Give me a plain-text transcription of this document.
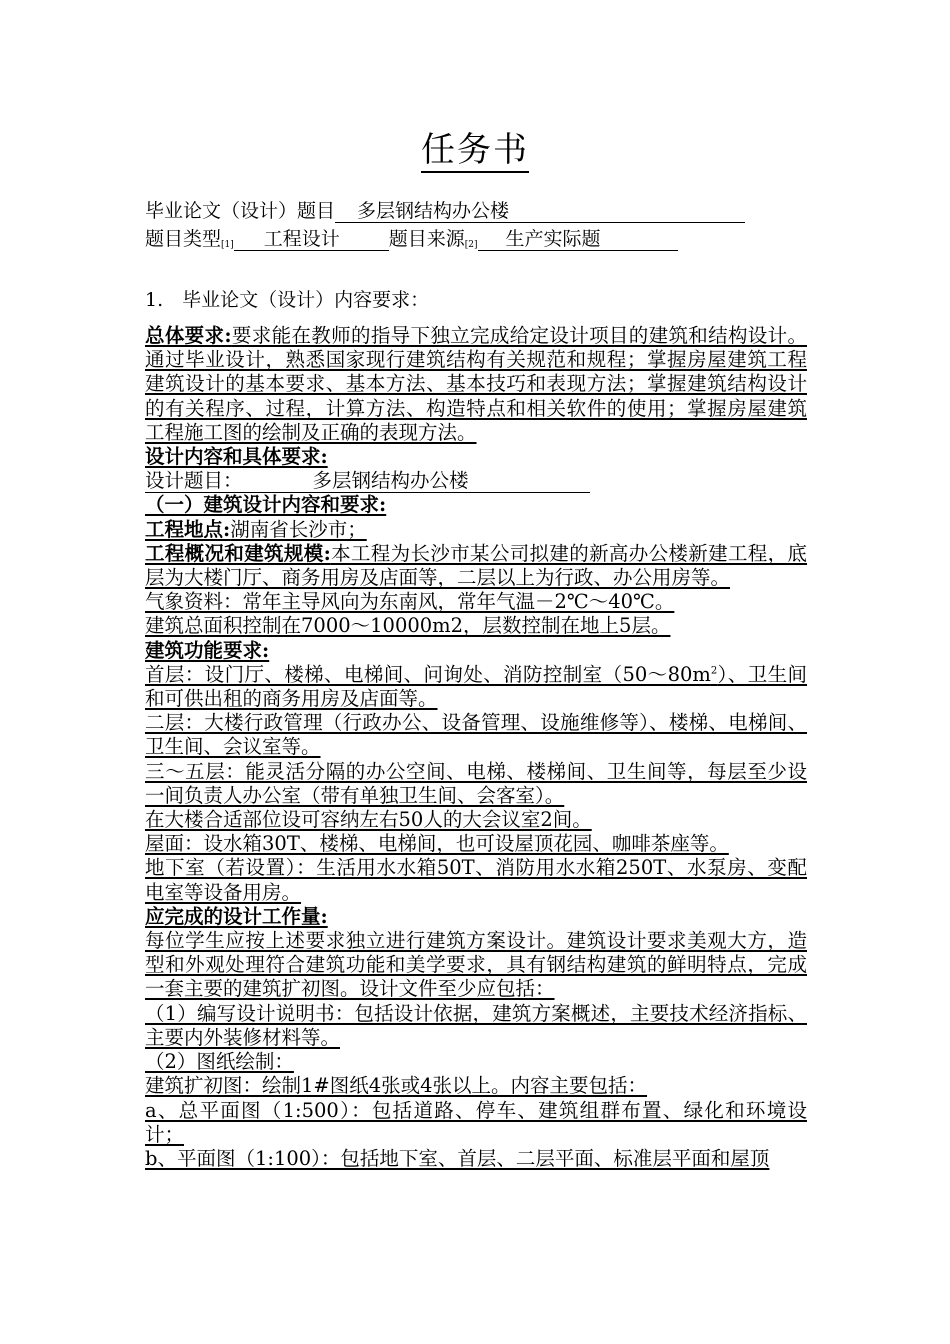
任务书
毕业论文（设计）题目 多层钢结构办公楼
题目类型$_{[1]}$ 工程设计	题目来源$_{[2]}$ 生产实际题
1.　毕业论文（设计）内容要求：

总体要求:要求能在教师的指导下独立完成给定设计项目的建筑和结构设计。通过毕业设计，熟悉国家现行建筑结构有关规范和规程；掌握房屋建筑工程建筑设计的基本要求、基本方法、基本技巧和表现方法；掌握建筑结构设计的有关程序、过程，计算方法、构造特点和相关软件的使用；掌握房屋建筑工程施工图的绘制及正确的表现方法。

设计内容和具体要求:

设计题目：	多层钢结构办公楼

（一）建筑设计内容和要求:

工程地点:湖南省长沙市；

工程概况和建筑规模:本工程为长沙市某公司拟建的新高办公楼新建工程，底层为大楼门厅、商务用房及店面等，二层以上为行政、办公用房等。

气象资料：常年主导风向为东南风，常年气温－2℃～40℃。

建筑总面积控制在7000～10000m2，层数控制在地上5层。

建筑功能要求:

首层：设门厅、楼梯、电梯间、问询处、消防控制室$(50\sim 80m^2)$、卫生间和可供出租的商务用房及店面等。

二层：大楼行政管理（行政办公、设备管理、设施维修等）、楼梯、电梯间、卫生间、会议室等。

三～五层：能灵活分隔的办公空间、电梯、楼梯间、卫生间等，每层至少设一间负责人办公室（带有单独卫生间、会客室）。

在大楼合适部位设可容纳左右50人的大会议室2间。

屋面：设水箱30T、楼梯、电梯间，也可设屋顶花园、咖啡茶座等。

地下室（若设置）：生活用水水箱50T、消防用水水箱250T、水泵房、变配电室等设备用房。

应完成的设计工作量:

每位学生应按上述要求独立进行建筑方案设计。建筑设计要求美观大方，造型和外观处理符合建筑功能和美学要求，具有钢结构建筑的鲜明特点，完成一套主要的建筑扩初图。设计文件至少应包括：

（1）编写设计说明书：包括设计依据，建筑方案概述，主要技术经济指标、主要内外装修材料等。

（2）图纸绘制：

建筑扩初图：绘制1#图纸4张或4张以上。内容主要包括：

a、总平面图（1:500）：包括道路、停车、建筑组群布置、绿化和环境设计；

b、平面图（1:100）：包括地下室、首层、二层平面、标准层平面和屋顶
